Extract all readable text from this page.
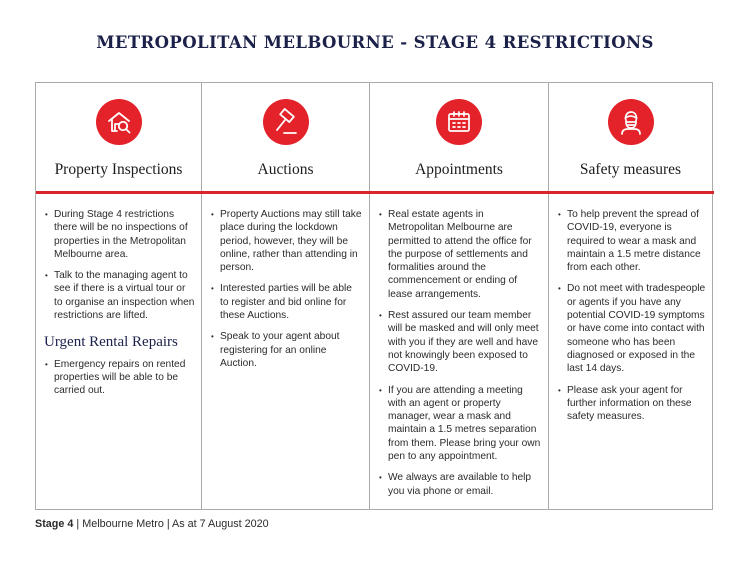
METROPOLITAN MELBOURNE - STAGE 4 RESTRICTIONS
Property Inspections
• During Stage 4 restrictions there will be no inspections of properties in the Metropolitan Melbourne area.
• Talk to the managing agent to see if there is a virtual tour or to organise an inspection when restrictions are lifted.
Urgent Rental Repairs
• Emergency repairs on rented properties will be able to be carried out.
Auctions
• Property Auctions may still take place during the lockdown period, however, they will be online, rather than attending in person.
• Interested parties will be able to register and bid online for these Auctions.
• Speak to your agent about registering for an online Auction.
Appointments
• Real estate agents in Metropolitan Melbourne are permitted to attend the office for the purpose of settlements and formalities around the commencement or ending of lease arrangements.
• Rest assured our team member will be masked and will only meet with you if they are well and have not knowingly been exposed to COVID-19.
• If you are attending a meeting with an agent or property manager, wear a mask and maintain a 1.5 metres separation from them. Please bring your own pen to any appointment.
• We always are available to help you via phone or email.
Safety measures
• To help prevent the spread of COVID-19, everyone is required to wear a mask and maintain a 1.5 metre distance from each other.
• Do not meet with tradespeople or agents if you have any potential COVID-19 symptoms or have come into contact with someone who has been diagnosed or exposed in the last 14 days.
• Please ask your agent for further information on these safety measures.
Stage 4 | Melbourne Metro | As at 7 August 2020
